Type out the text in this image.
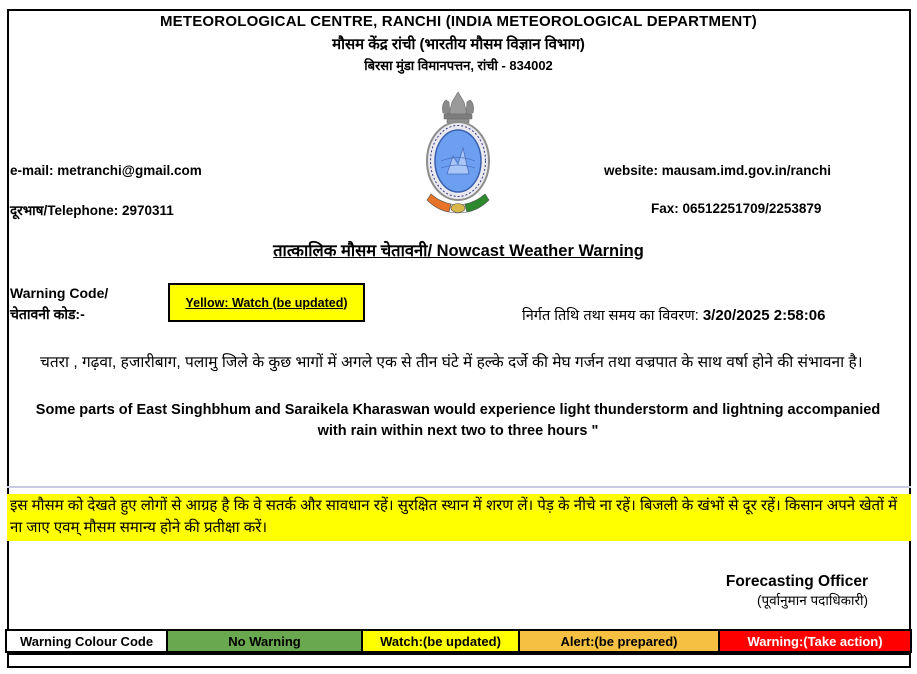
METEOROLOGICAL CENTRE, RANCHI (INDIA METEOROLOGICAL DEPARTMENT)
मौसम केंद्र रांची (भारतीय मौसम विज्ञान विभाग)
बिरसा मुंडा विमानपत्तन, रांची - 834002
e-mail: metranchi@gmail.com	website: mausam.imd.gov.in/ranchi
दूरभाष/Telephone: 2970311	Fax: 06512251709/2253879
तात्कालिक मौसम चेतावनी/ Nowcast Weather Warning
Warning Code/
चेतावनी कोड:-
Yellow: Watch (be updated)
निर्गत तिथि तथा समय का विवरण: 3/20/2025 2:58:06
चतरा , गढ़वा, हजारीबाग, पलामु जिले के कुछ भागों में अगले एक से तीन घंटे में हल्के दर्जे की मेघ गर्जन तथा वज्रपात के साथ वर्षा होने की संभावना है।
Some parts of East Singhbhum and Saraikela Kharaswan would experience light thunderstorm and lightning accompanied with rain within next two to three hours "
इस मौसम को देखते हुए लोगों से आग्रह है कि वे सतर्क और सावधान रहें। सुरक्षित स्थान में शरण लें। पेड़ के नीचे ना रहें। बिजली के खंभों से दूर रहें। किसान अपने खेतों में ना जाए एवम् मौसम समान्य होने की प्रतीक्षा करें।
Forecasting Officer
(पूर्वानुमान पदाधिकारी)
Warning Colour Code	No Warning	Watch:(be updated)	Alert:(be prepared)	Warning:(Take action)
